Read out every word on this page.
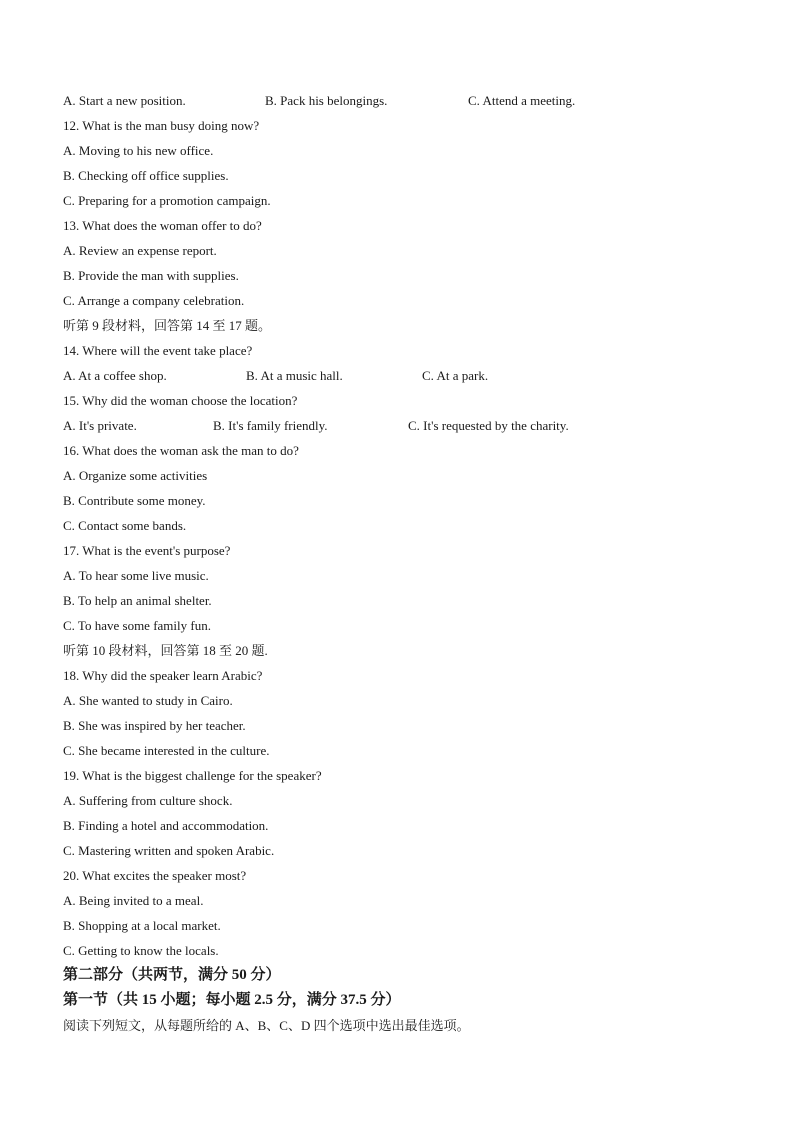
A. Start a new position.	B. Pack his belongings.	C. Attend a meeting.
12. What is the man busy doing now?
A. Moving to his new office.
B. Checking off office supplies.
C. Preparing for a promotion campaign.
13. What does the woman offer to do?
A. Review an expense report.
B. Provide the man with supplies.
C. Arrange a company celebration.
听第 9 段材料，回答第 14 至 17 题。
14. Where will the event take place?
A. At a coffee shop.	B. At a music hall.	C. At a park.
15. Why did the woman choose the location?
A. It's private.	B. It's family friendly.	C. It's requested by the charity.
16. What does the woman ask the man to do?
A. Organize some activities
B. Contribute some money.
C. Contact some bands.
17. What is the event's purpose?
A. To hear some live music.
B. To help an animal shelter.
C. To have some family fun.
听第 10 段材料，回答第 18 至 20 题.
18. Why did the speaker learn Arabic?
A. She wanted to study in Cairo.
B. She was inspired by her teacher.
C. She became interested in the culture.
19. What is the biggest challenge for the speaker?
A. Suffering from culture shock.
B. Finding a hotel and accommodation.
C. Mastering written and spoken Arabic.
20. What excites the speaker most?
A. Being invited to a meal.
B. Shopping at a local market.
C. Getting to know the locals.
第二部分（共两节，满分 50 分）
第一节（共 15 小题；每小题 2.5 分，满分 37.5 分）
阅读下列短文，从每题所给的 A、B、C、D 四个选项中选出最佳选项。
